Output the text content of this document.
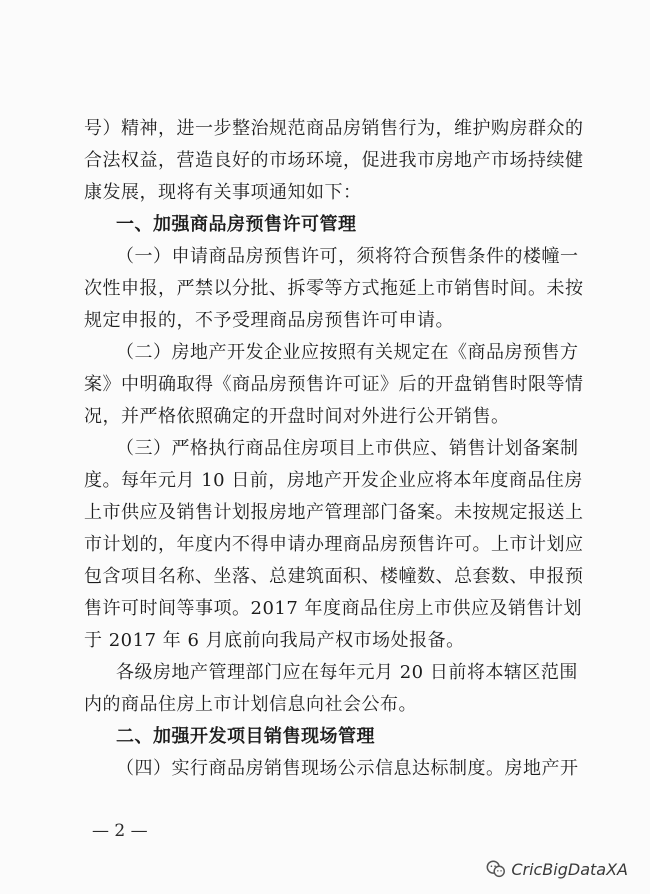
号）精神，进一步整治规范商品房销售行为，维护购房群众的
合法权益，营造良好的市场环境，促进我市房地产市场持续健
康发展，现将有关事项通知如下：
一、加强商品房预售许可管理
（一）申请商品房预售许可，须将符合预售条件的楼幢一
次性申报，严禁以分批、拆零等方式拖延上市销售时间。未按
规定申报的，不予受理商品房预售许可申请。
（二）房地产开发企业应按照有关规定在《商品房预售方
案》中明确取得《商品房预售许可证》后的开盘销售时限等情
况，并严格依照确定的开盘时间对外进行公开销售。
（三）严格执行商品住房项目上市供应、销售计划备案制
度。每年元月 10 日前，房地产开发企业应将本年度商品住房
上市供应及销售计划报房地产管理部门备案。未按规定报送上
市计划的，年度内不得申请办理商品房预售许可。上市计划应
包含项目名称、坐落、总建筑面积、楼幢数、总套数、申报预
售许可时间等事项。2017 年度商品住房上市供应及销售计划
于 2017 年 6 月底前向我局产权市场处报备。
各级房地产管理部门应在每年元月 20 日前将本辖区范围
内的商品住房上市计划信息向社会公布。
二、加强开发项目销售现场管理
（四）实行商品房销售现场公示信息达标制度。房地产开
— 2 —
CricBigDataXA
